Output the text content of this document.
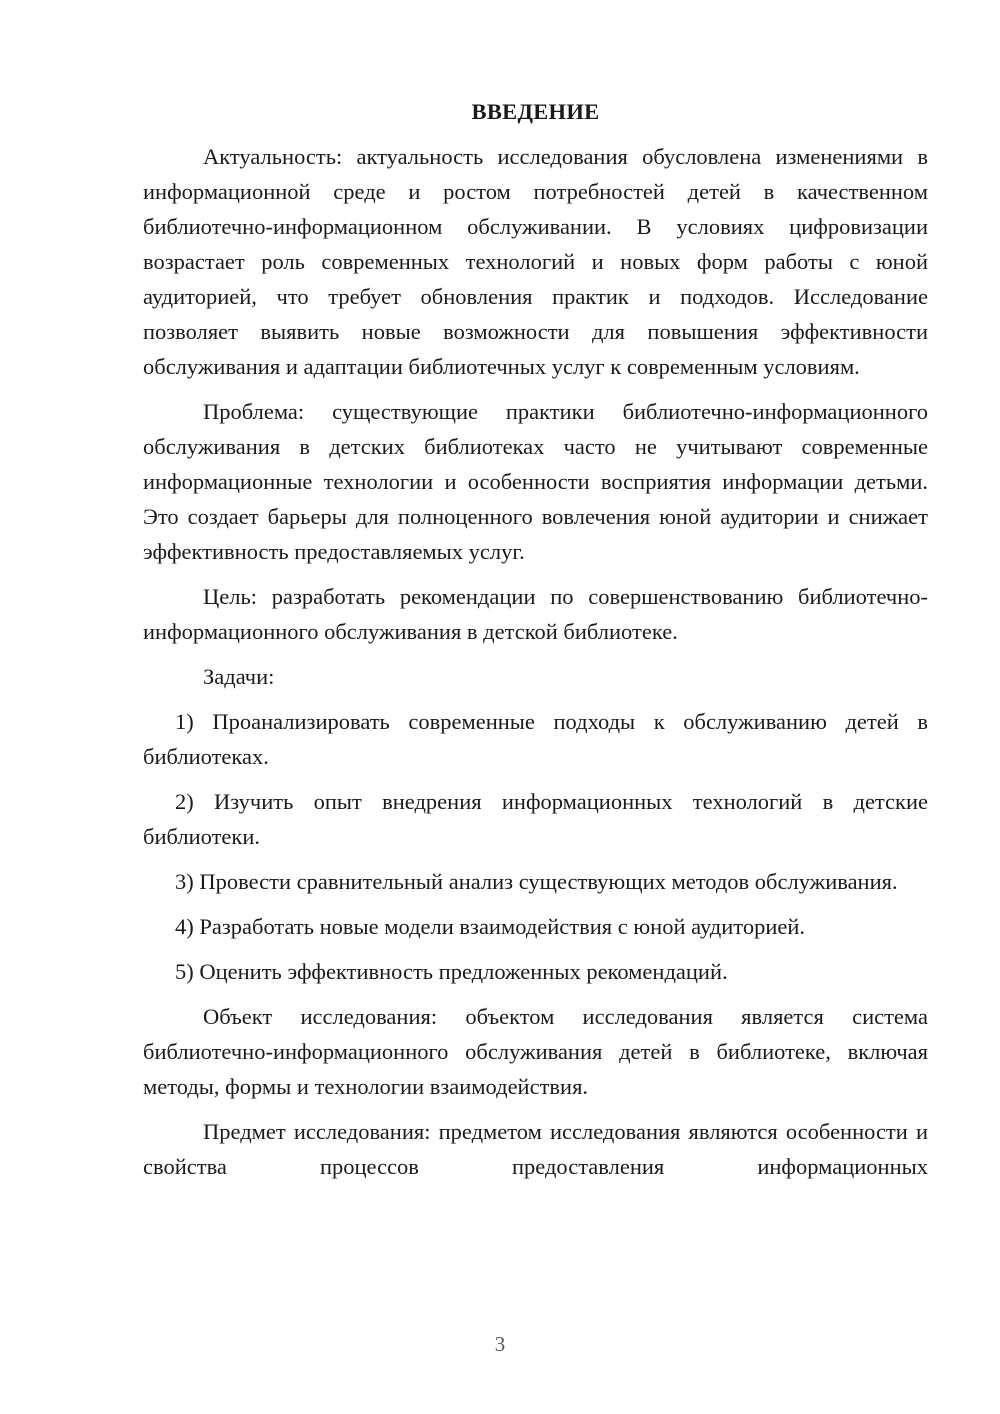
ВВЕДЕНИЕ

Актуальность: актуальность исследования обусловлена изменениями в информационной среде и ростом потребностей детей в качественном библиотечно-информационном обслуживании. В условиях цифровизации возрастает роль современных технологий и новых форм работы с юной аудиторией, что требует обновления практик и подходов. Исследование позволяет выявить новые возможности для повышения эффективности обслуживания и адаптации библиотечных услуг к современным условиям.

Проблема: существующие практики библиотечно-информационного обслуживания в детских библиотеках часто не учитывают современные информационные технологии и особенности восприятия информации детьми. Это создает барьеры для полноценного вовлечения юной аудитории и снижает эффективность предоставляемых услуг.

Цель: разработать рекомендации по совершенствованию библиотечно-информационного обслуживания в детской библиотеке.

Задачи:

1) Проанализировать современные подходы к обслуживанию детей в библиотеках.

2) Изучить опыт внедрения информационных технологий в детские библиотеки.

3) Провести сравнительный анализ существующих методов обслуживания.

4) Разработать новые модели взаимодействия с юной аудиторией.

5) Оценить эффективность предложенных рекомендаций.

Объект исследования: объектом исследования является система библиотечно-информационного обслуживания детей в библиотеке, включая методы, формы и технологии взаимодействия.

Предмет исследования: предметом исследования являются особенности и свойства процессов предоставления информационных

3
